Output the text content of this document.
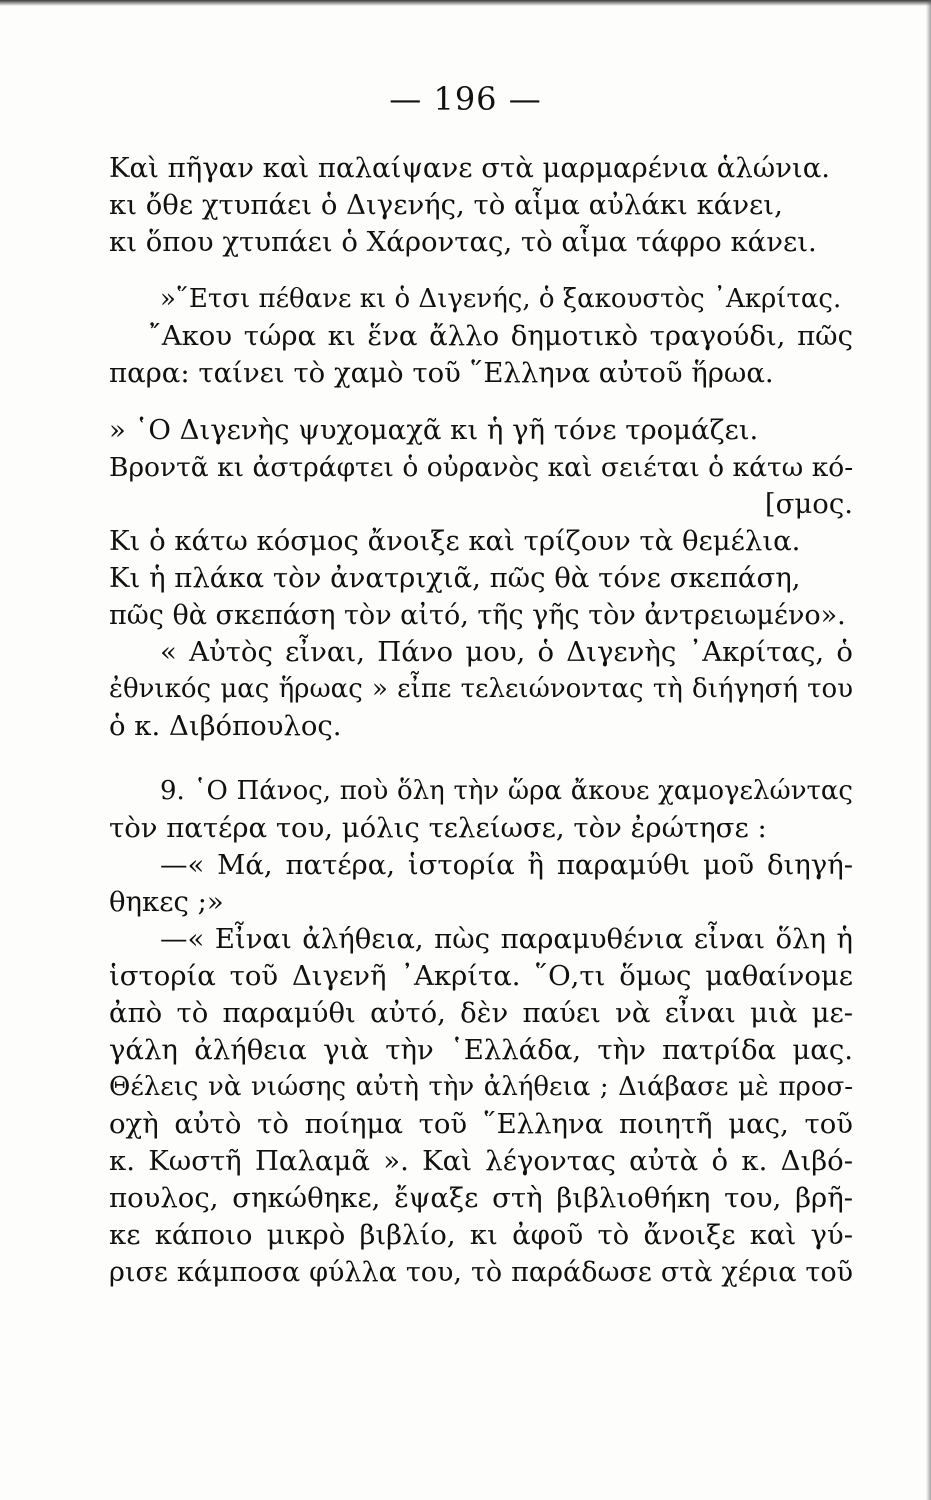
— 196 —
Καὶ πῆγαν καὶ παλαίψανε στὰ μαρμαρένια ἁλώνια.
κι ὄθε χτυπάει ὁ Διγενής, τὸ αἷμα αὐλάκι κάνει,
κι ὅπου χτυπάει ὁ Χάροντας, τὸ αἷμα τάφρο κάνει.
»῞Ετσι πέθανε κι ὁ Διγενής, ὁ ξακουστὸς ᾿Ακρίτας.
῎Ακου τώρα κι ἕνα ἄλλο δημοτικὸ τραγούδι, πῶς
παρα: ταίνει τὸ χαμὸ τοῦ ῞Ελληνα αὐτοῦ ἥρωα.
» ῾Ο Διγενὴς ψυχομαχᾶ κι ἡ γῆ τόνε τρομάζει.
Βροντᾶ κι ἀστράφτει ὁ οὐρανὸς καὶ σειέται ὁ κάτω κό-
[σμος.
Κι ὁ κάτω κόσμος ἄνοιξε καὶ τρίζουν τὰ θεμέλια.
Κι ἡ πλάκα τὸν ἀνατριχιᾶ, πῶς θὰ τόνε σκεπάση,
πῶς θὰ σκεπάση τὸν αἰτό, τῆς γῆς τὸν ἀντρειωμένο».
« Αὐτὸς εἶναι, Πάνο μου, ὁ Διγενὴς ᾿Ακρίτας, ὁ
ἐθνικός μας ἥρωας » εἶπε τελειώνοντας τὴ διήγησή του
ὁ κ. Διβόπουλος.
9. ῾Ο Πάνος, ποὺ ὅλη τὴν ὥρα ἄκουε χαμογελώντας
τὸν πατέρα του, μόλις τελείωσε, τὸν ἐρώτησε :
—« Μά, πατέρα, ἱστορία ἢ παραμύθι μοῦ διηγή-
θηκες ;»
—« Εἶναι ἀλήθεια, πὼς παραμυθένια εἶναι ὅλη ἡ
ἱστορία τοῦ Διγενῆ ᾿Ακρίτα. ῞Ο,τι ὅμως μαθαίνομε
ἀπὸ τὸ παραμύθι αὐτό, δὲν παύει νὰ εἶναι μιὰ με-
γάλη ἀλήθεια γιὰ τὴν ῾Ελλάδα, τὴν πατρίδα μας.
Θέλεις νὰ νιώσης αὐτὴ τὴν ἀλήθεια ; Διάβασε μὲ προσ-
οχὴ αὐτὸ τὸ ποίημα τοῦ ῞Ελληνα ποιητῆ μας, τοῦ
κ. Κωστῆ Παλαμᾶ ». Καὶ λέγοντας αὐτὰ ὁ κ. Διβό-
πουλος, σηκώθηκε, ἔψαξε στὴ βιβλιοθήκη του, βρῆ-
κε κάποιο μικρὸ βιβλίο, κι ἀφοῦ τὸ ἄνοιξε καὶ γύ-
ρισε κάμποσα φύλλα του, τὸ παράδωσε στὰ χέρια τοῦ
